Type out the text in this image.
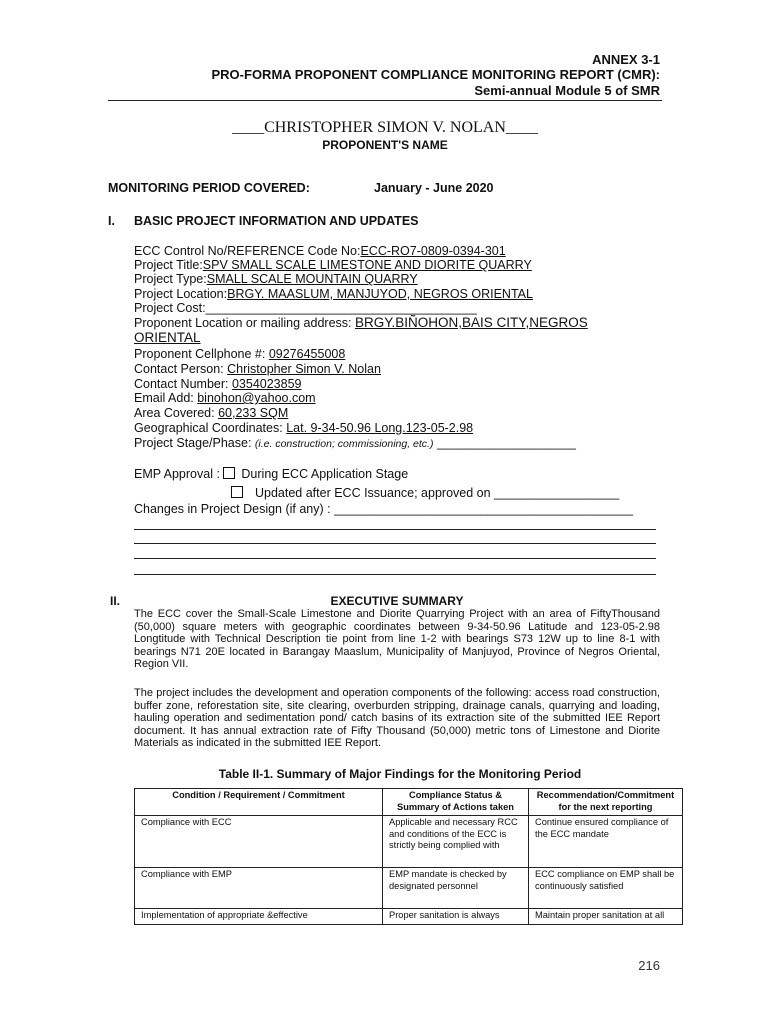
ANNEX 3-1
PRO-FORMA PROPONENT COMPLIANCE MONITORING REPORT (CMR):
Semi-annual Module 5 of SMR
____CHRISTOPHER SIMON V. NOLAN____
PROPONENT'S NAME
MONITORING PERIOD COVERED:	January - June 2020
I. BASIC PROJECT INFORMATION AND UPDATES
ECC Control No/REFERENCE Code No:ECC-RO7-0809-0394-301
Project Title:SPV SMALL SCALE LIMESTONE AND DIORITE QUARRY
Project Type:SMALL SCALE MOUNTAIN QUARRY
Project Location:BRGY. MAASLUM, MANJUYOD, NEGROS ORIENTAL
Project Cost:_______________________________________
Proponent Location or mailing address: BRGY.BIÑOHON,BAIS CITY,NEGROS
ORIENTAL
Proponent Cellphone #: 09276455008
Contact Person: Christopher Simon V. Nolan
Contact Number: 0354023859
Email Add: binohon@yahoo.com
Area Covered: 60,233 SQM
Geographical Coordinates: Lat. 9-34-50.96 Long.123-05-2.98
Project Stage/Phase: (i.e. construction; commissioning, etc.) ____________________
EMP Approval : During ECC Application Stage
Updated after ECC Issuance; approved on __________________
Changes in Project Design (if any) : ___________________________________________
II.	EXECUTIVE SUMMARY
The ECC cover the Small-Scale Limestone and Diorite Quarrying Project with an area of FiftyThousand (50,000) square meters with geographic coordinates between 9-34-50.96 Latitude and 123-05-2.98 Longtitude with Technical Description tie point from line 1-2 with bearings S73 12W up to line 8-1 with bearings N71 20E located in Barangay Maaslum, Municipality of Manjuyod, Province of Negros Oriental, Region VII.
The project includes the development and operation components of the following: access road construction, buffer zone, reforestation site, site clearing, overburden stripping, drainage canals, quarrying and loading, hauling operation and sedimentation pond/ catch basins of its extraction site of the submitted IEE Report document. It has annual extraction rate of Fifty Thousand (50,000) metric tons of Limestone and Diorite Materials as indicated in the submitted IEE Report.
Table II-1. Summary of Major Findings for the Monitoring Period
Condition / Requirement / Commitment	Compliance Status & Summary of Actions taken	Recommendation/Commitment for the next reporting
Compliance with ECC	Applicable and necessary RCC and conditions of the ECC is strictly being complied with	Continue ensured compliance of the ECC mandate
Compliance with EMP	EMP mandate is checked by designated personnel	ECC compliance on EMP shall be continuously satisfied
Implementation of appropriate &effective	Proper sanitation is always	Maintain proper sanitation at all
216
